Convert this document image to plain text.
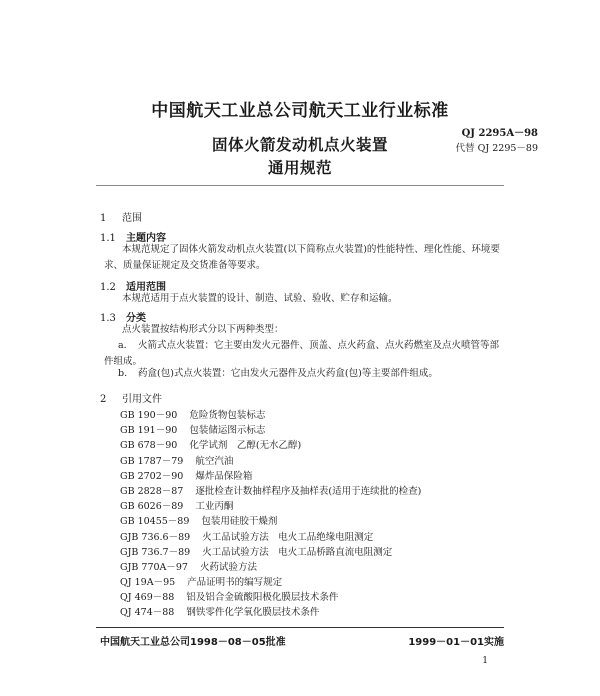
中国航天工业总公司航天工业行业标准
QJ 2295A－98
代替 QJ 2295－89
固体火箭发动机点火装置
通用规范
1 范围
1.1 主题内容
本规范规定了固体火箭发动机点火装置(以下简称点火装置)的性能特性、理化性能、环境要求、质量保证规定及交货准备等要求。
1.2 适用范围
本规范适用于点火装置的设计、制造、试验、验收、贮存和运输。
1.3 分类
点火装置按结构形式分以下两种类型：
a. 火箭式点火装置：它主要由发火元器件、顶盖、点火药盒、点火药燃室及点火喷管等部件组成。
b. 药盒(包)式点火装置：它由发火元器件及点火药盒(包)等主要部件组成。
2 引用文件
GB 190－90 危险货物包装标志
GB 191－90 包装储运图示标志
GB 678－90 化学试剂　乙醇(无水乙醇)
GB 1787－79 航空汽油
GB 2702－90 爆炸品保险箱
GB 2828－87 逐批检查计数抽样程序及抽样表(适用于连续批的检查)
GB 6026－89 工业丙酮
GB 10455－89 包装用硅胶干燥剂
GJB 736.6－89 火工品试验方法　电火工品绝缘电阻测定
GJB 736.7－89 火工品试验方法　电火工品桥路直流电阻测定
GJB 770A－97 火药试验方法
QJ 19A－95 产品证明书的编写规定
QJ 469－88 铝及铝合金硫酸阳极化膜层技术条件
QJ 474－88 钢铁零件化学氧化膜层技术条件
中国航天工业总公司1998－08－05批准	1999－01－01实施
1
